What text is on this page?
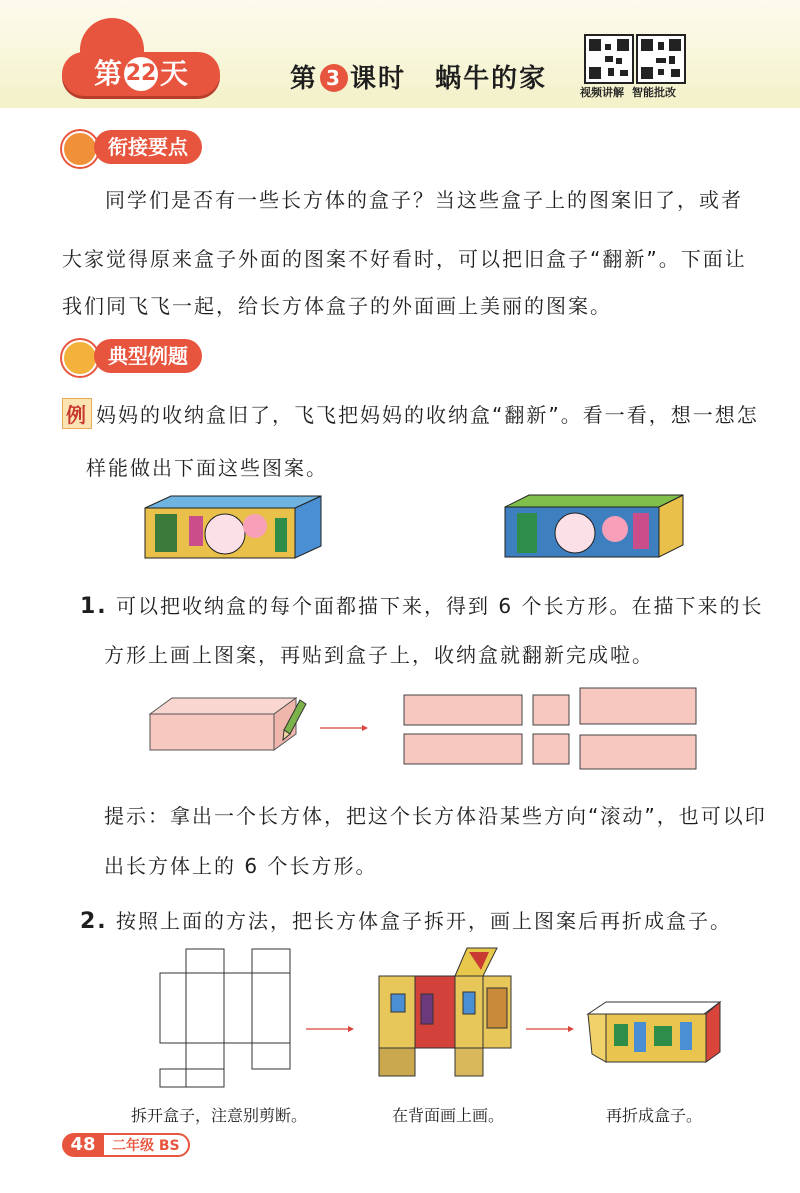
第 22 天	第 3 课时 蜗牛的家	视频讲解 智能批改
衔接要点
同学们是否有一些长方体的盒子？当这些盒子上的图案旧了，或者
大家觉得原来盒子外面的图案不好看时，可以把旧盒子“翻新”。下面让
我们同飞飞一起，给长方体盒子的外面画上美丽的图案。
典型例题
例 妈妈的收纳盒旧了，飞飞把妈妈的收纳盒“翻新”。看一看，想一想怎
样能做出下面这些图案。
1. 可以把收纳盒的每个面都描下来，得到 6 个长方形。在描下来的长
方形上画上图案，再贴到盒子上，收纳盒就翻新完成啦。
提示：拿出一个长方体，把这个长方体沿某些方向“滚动”，也可以印
出长方体上的 6 个长方形。
2. 按照上面的方法，把长方体盒子拆开，画上图案后再折成盒子。
拆开盒子，注意别剪断。	在背面画上画。	再折成盒子。
48	二年级 BS
